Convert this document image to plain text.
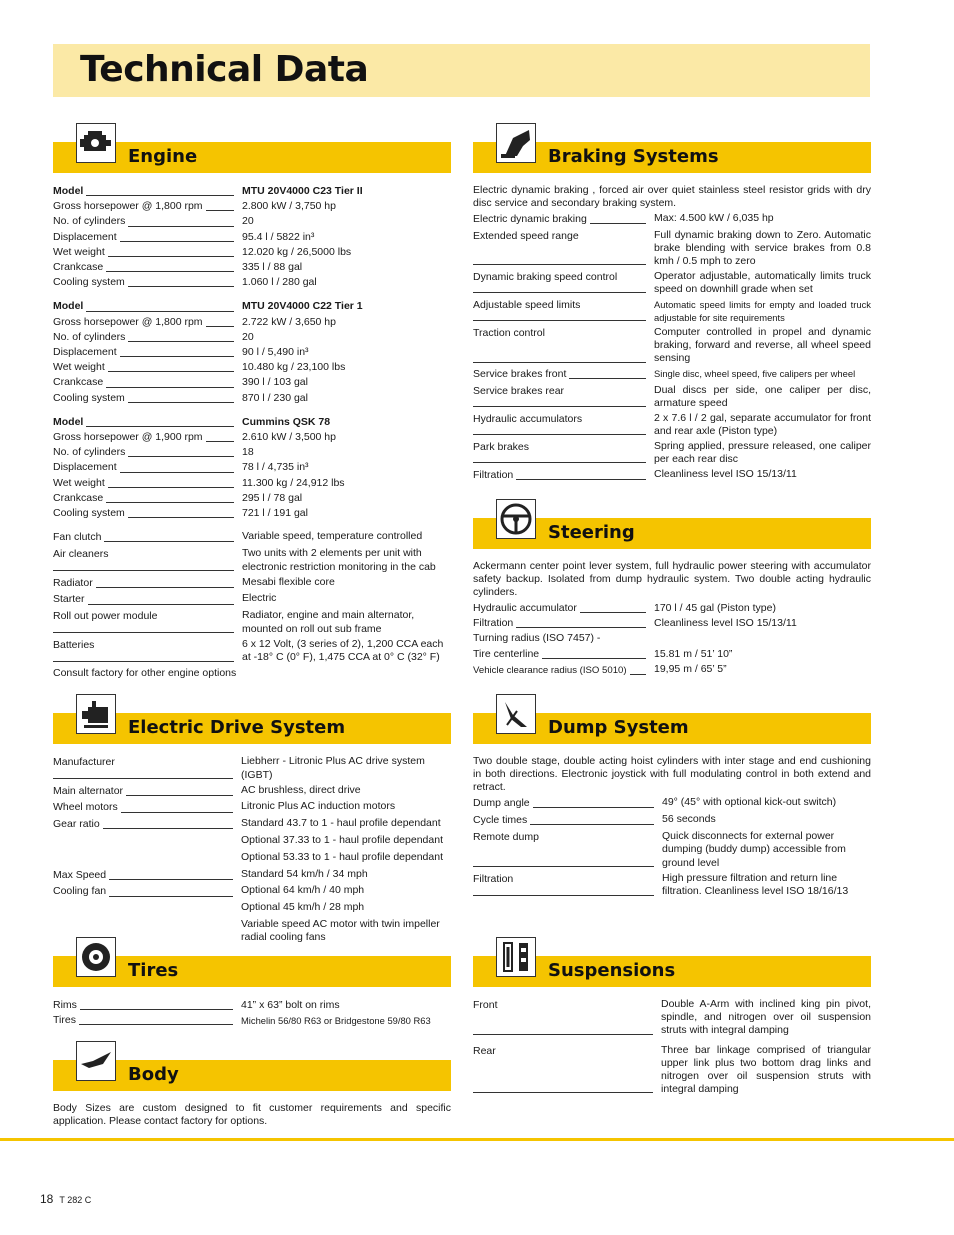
Technical Data
Engine
Model	MTU 20V4000 C23 Tier II
Gross horsepower @ 1,800 rpm	2.800 kW / 3,750 hp
No. of cylinders	20
Displacement	95.4 l / 5822 in³
Wet weight	12.020 kg / 26,5000 lbs
Crankcase	335 l / 88 gal
Cooling system	1.060 l / 280 gal
Model	MTU 20V4000 C22 Tier 1
Gross horsepower @ 1,800 rpm	2.722 kW / 3,650 hp
No. of cylinders	20
Displacement	90 l / 5,490 in³
Wet weight	10.480 kg / 23,100 lbs
Crankcase	390 l / 103 gal
Cooling system	870 l / 230 gal
Model	Cummins QSK 78
Gross horsepower @ 1,900 rpm	2.610 kW / 3,500 hp
No. of cylinders	18
Displacement	78 l / 4,735 in³
Wet weight	11.300 kg / 24,912 lbs
Crankcase	295 l / 78 gal
Cooling system	721 l / 191 gal
Fan clutch	Variable speed, temperature controlled
Air cleaners	Two units with 2 elements per unit with electronic restriction monitoring in the cab
Radiator	Mesabi flexible core
Starter	Electric
Roll out power module	Radiator, engine and main alternator, mounted on roll out sub frame
Batteries	6 x 12 Volt, (3 series of 2), 1,200 CCA each at -18° C (0° F), 1,475 CCA at 0° C (32° F)
Consult factory for other engine options
Braking Systems
Electric dynamic braking , forced air over quiet stainless steel resistor grids with dry disc service and secondary braking system.
Electric dynamic braking	Max: 4.500 kW / 6,035 hp
Extended speed range	Full dynamic braking down to Zero. Automatic brake blending with service brakes from 0.8 kmh / 0.5 mph to zero
Dynamic braking speed control	Operator adjustable, automatically limits truck speed on downhill grade when set
Adjustable speed limits	Automatic speed limits for empty and loaded truck adjustable for site requirements
Traction control	Computer controlled in propel and dynamic braking, forward and reverse, all wheel speed sensing
Service brakes front	Single disc, wheel speed, five calipers per wheel
Service brakes rear	Dual discs per side, one caliper per disc, armature speed
Hydraulic accumulators	2 x 7.6 l / 2 gal, separate accumulator for front and rear axle (Piston type)
Park brakes	Spring applied, pressure released, one caliper per each rear disc
Filtration	Cleanliness level ISO 15/13/11
Steering
Ackermann center point lever system, full hydraulic power steering with accumulator safety backup. Isolated from dump hydraulic system. Two double acting hydraulic cylinders.
Hydraulic accumulator	170 l / 45 gal (Piston type)
Filtration	Cleanliness level ISO 15/13/11
Turning radius (ISO 7457) -
Tire centerline	15.81 m / 51’ 10”
Vehicle clearance radius (ISO 5010)	19,95 m / 65’ 5”
Electric Drive System
Manufacturer	Liebherr - Litronic Plus AC drive system (IGBT)
Main alternator	AC brushless, direct drive
Wheel motors	Litronic Plus AC induction motors
Gear ratio	Standard 43.7 to 1 - haul profile dependant
Optional 37.33 to 1 - haul profile dependant
Optional 53.33 to 1 - haul profile dependant
Max Speed	Standard 54 km/h / 34 mph
Cooling fan	Optional 64 km/h / 40 mph
Optional 45 km/h / 28 mph
Variable speed AC motor with twin impeller radial cooling fans
Dump System
Two double stage, double acting hoist cylinders with inter stage and end cushioning in both directions. Electronic joystick with full modulating control in both extend and retract.
Dump angle	49° (45° with optional kick-out switch)
Cycle times	56 seconds
Remote dump	Quick disconnects for external power dumping (buddy dump) accessible from ground level
Filtration	High pressure filtration and return line filtration. Cleanliness level ISO 18/16/13
Tires
Rims	41” x 63” bolt on rims
Tires	Michelin 56/80 R63 or Bridgestone 59/80 R63
Suspensions
Front	Double A-Arm with inclined king pin pivot, spindle, and nitrogen over oil suspension struts with integral damping
Rear	Three bar linkage comprised of triangular upper link plus two bottom drag links and nitrogen over oil suspension struts with integral damping
Body
Body Sizes are custom designed to fit customer requirements and specific application. Please contact factory for options.
18 T 282 C
